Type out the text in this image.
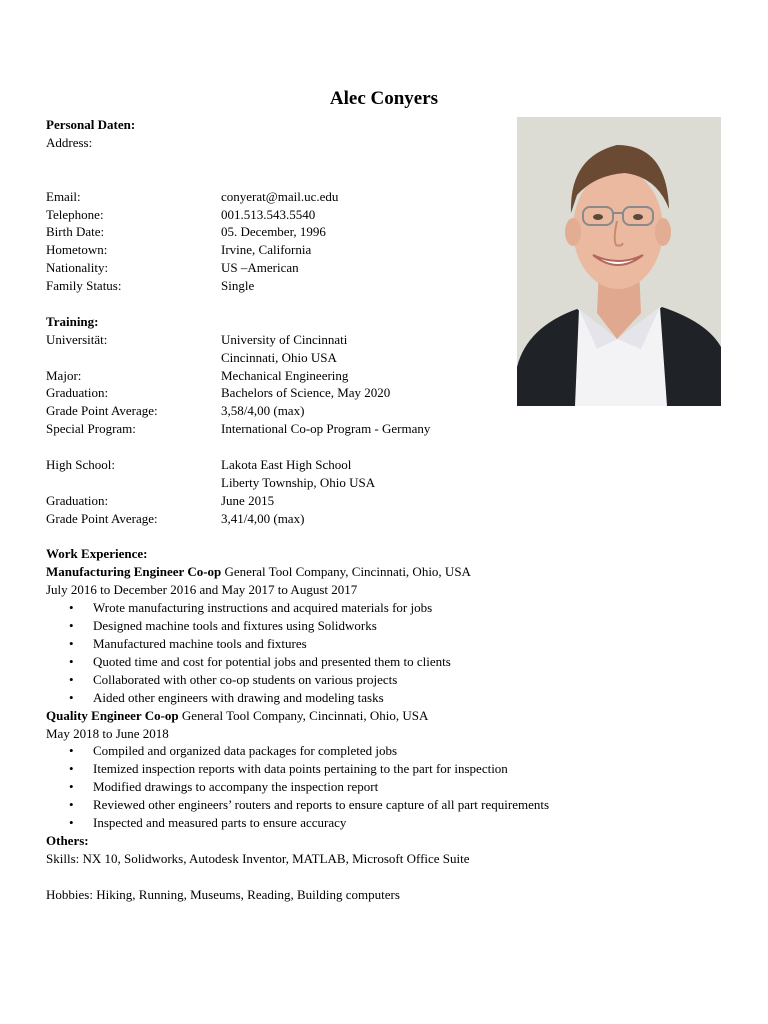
Alec Conyers
Personal Daten:
Address:
Email:	conyerat@mail.uc.edu
Telephone:	001.513.543.5540
Birth Date:	05. December, 1996
Hometown:	Irvine, California
Nationality:	US –American
Family Status:	Single
Training:
Universität:	University of Cincinnati
Cincinnati, Ohio USA
Major:	Mechanical Engineering
Graduation:	Bachelors of Science, May 2020
Grade Point Average:	3,58/4,00 (max)
Special Program:	International Co-op Program - Germany
High School:	Lakota East High School
Liberty Township, Ohio USA
Graduation:	June 2015
Grade Point Average:	3,41/4,00 (max)
Work Experience:
Manufacturing Engineer Co-op General Tool Company, Cincinnati, Ohio, USA
July 2016 to December 2016 and May 2017 to August 2017
• Wrote manufacturing instructions and acquired materials for jobs
• Designed machine tools and fixtures using Solidworks
• Manufactured machine tools and fixtures
• Quoted time and cost for potential jobs and presented them to clients
• Collaborated with other co-op students on various projects
• Aided other engineers with drawing and modeling tasks
Quality Engineer Co-op General Tool Company, Cincinnati, Ohio, USA
May 2018 to June 2018
• Compiled and organized data packages for completed jobs
• Itemized inspection reports with data points pertaining to the part for inspection
• Modified drawings to accompany the inspection report
• Reviewed other engineers’ routers and reports to ensure capture of all part requirements
• Inspected and measured parts to ensure accuracy
Others:
Skills: NX 10, Solidworks, Autodesk Inventor, MATLAB, Microsoft Office Suite
Hobbies: Hiking, Running, Museums, Reading, Building computers
